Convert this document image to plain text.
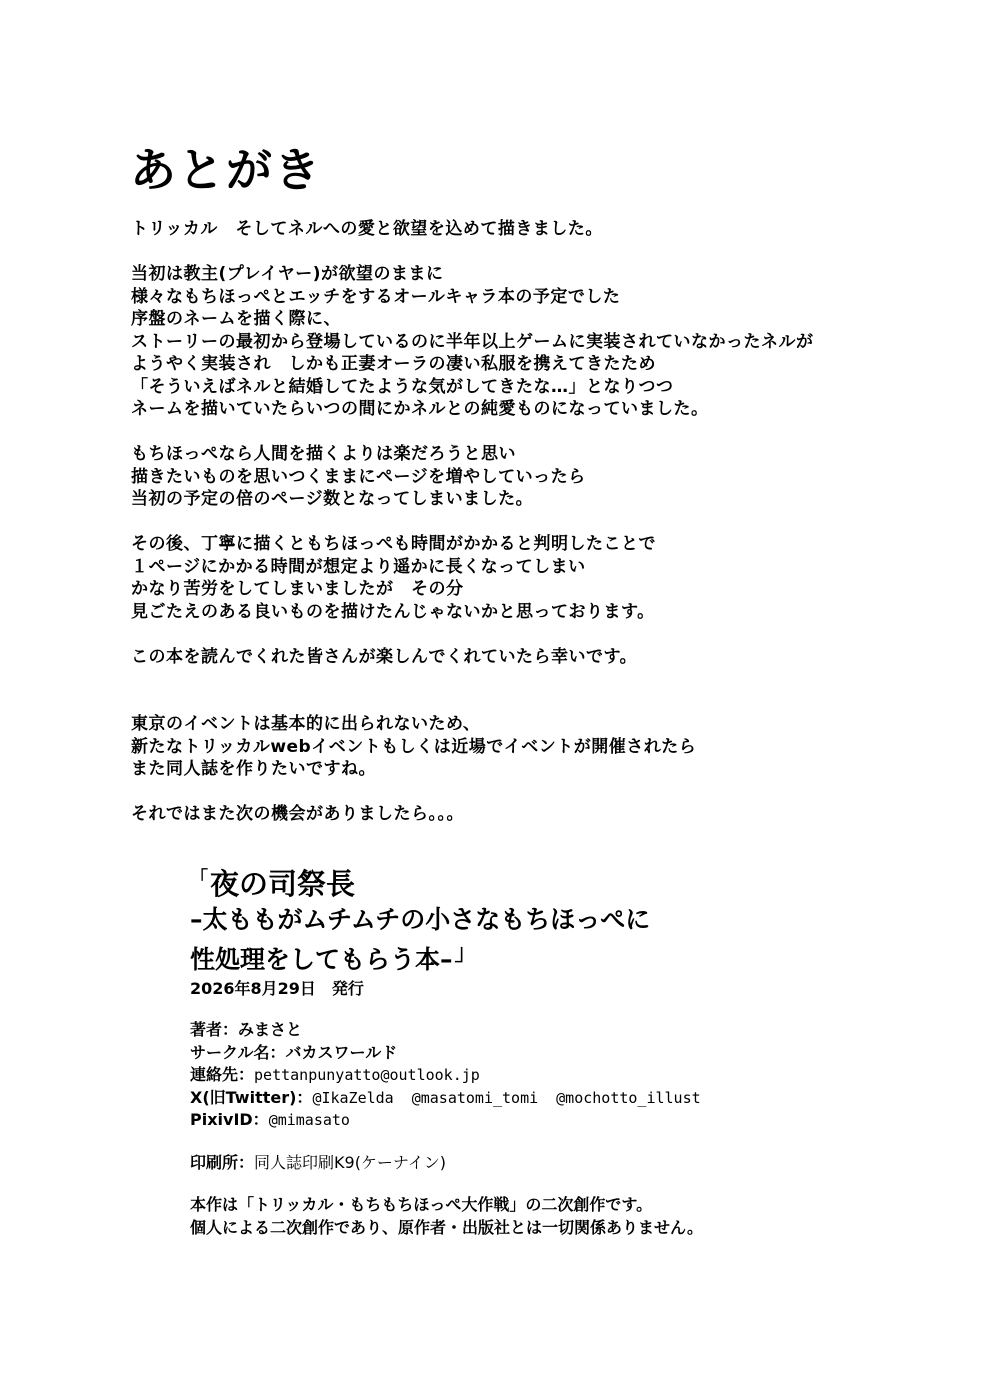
あとがき
トリッカル　そしてネルへの愛と欲望を込めて描きました。
当初は教主(プレイヤー)が欲望のままに
様々なもちほっぺとエッチをするオールキャラ本の予定でした
序盤のネームを描く際に、
ストーリーの最初から登場しているのに半年以上ゲームに実装されていなかったネルが
ようやく実装され　しかも正妻オーラの凄い私服を携えてきたため
「そういえばネルと結婚してたような気がしてきたな…」となりつつ
ネームを描いていたらいつの間にかネルとの純愛ものになっていました。
もちほっぺなら人間を描くよりは楽だろうと思い
描きたいものを思いつくままにページを増やしていったら
当初の予定の倍のページ数となってしまいました。
その後、丁寧に描くともちほっぺも時間がかかると判明したことで
１ページにかかる時間が想定より遥かに長くなってしまい
かなり苦労をしてしまいましたが　その分
見ごたえのある良いものを描けたんじゃないかと思っております。
この本を読んでくれた皆さんが楽しんでくれていたら幸いです。
東京のイベントは基本的に出られないため、
新たなトリッカルwebイベントもしくは近場でイベントが開催されたら
また同人誌を作りたいですね。
それではまた次の機会がありましたら。。。
「夜の司祭長
–太ももがムチムチの小さなもちほっぺに
性処理をしてもらう本–」
2026年8月29日　発行
著者：みまさと
サークル名：バカスワールド
連絡先：pettanpunyatto@outlook.jp
X(旧Twitter)：@IkaZelda @masatomi_tomi @mochotto_illust
PixivID：@mimasato
印刷所：同人誌印刷K9(ケーナイン)
本作は「トリッカル・もちもちほっぺ大作戦」の二次創作です。
個人による二次創作であり、原作者・出版社とは一切関係ありません。
